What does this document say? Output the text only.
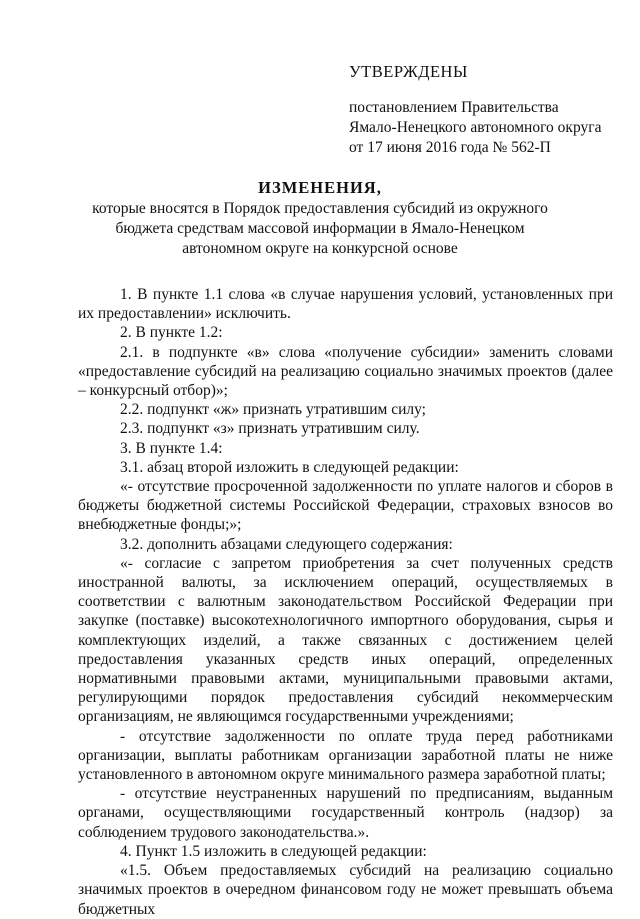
УТВЕРЖДЕНЫ
постановлением Правительства
Ямало-Ненецкого автономного округа
от 17 июня 2016 года № 562-П
ИЗМЕНЕНИЯ,
которые вносятся в Порядок предоставления субсидий из окружного
бюджета средствам массовой информации в Ямало-Ненецком
автономном округе на конкурсной основе

1. В пункте 1.1 слова «в случае нарушения условий, установленных при их предоставлении» исключить.

2. В пункте 1.2:

2.1. в подпункте «в» слова «получение субсидии» заменить словами «предоставление субсидий на реализацию социально значимых проектов (далее – конкурсный отбор)»;

2.2. подпункт «ж» признать утратившим силу;

2.3. подпункт «з» признать утратившим силу.

3. В пункте 1.4:

3.1. абзац второй изложить в следующей редакции:

«- отсутствие просроченной задолженности по уплате налогов и сборов в бюджеты бюджетной системы Российской Федерации, страховых взносов во внебюджетные фонды;»;

3.2. дополнить абзацами следующего содержания:

«- согласие с запретом приобретения за счет полученных средств иностранной валюты, за исключением операций, осуществляемых в соответствии с валютным законодательством Российской Федерации при закупке (поставке) высокотехнологичного импортного оборудования, сырья и комплектующих изделий, а также связанных с достижением целей предоставления указанных средств иных операций, определенных нормативными правовыми актами, муниципальными правовыми актами, регулирующими порядок предоставления субсидий некоммерческим организациям, не являющимся государственными учреждениями;

- отсутствие задолженности по оплате труда перед работниками организации, выплаты работникам организации заработной платы не ниже установленного в автономном округе минимального размера заработной платы;

- отсутствие неустраненных нарушений по предписаниям, выданным органами, осуществляющими государственный контроль (надзор) за соблюдением трудового законодательства.».

4. Пункт 1.5 изложить в следующей редакции:

«1.5. Объем предоставляемых субсидий на реализацию социально значимых проектов в очередном финансовом году не может превышать объема бюджетных
